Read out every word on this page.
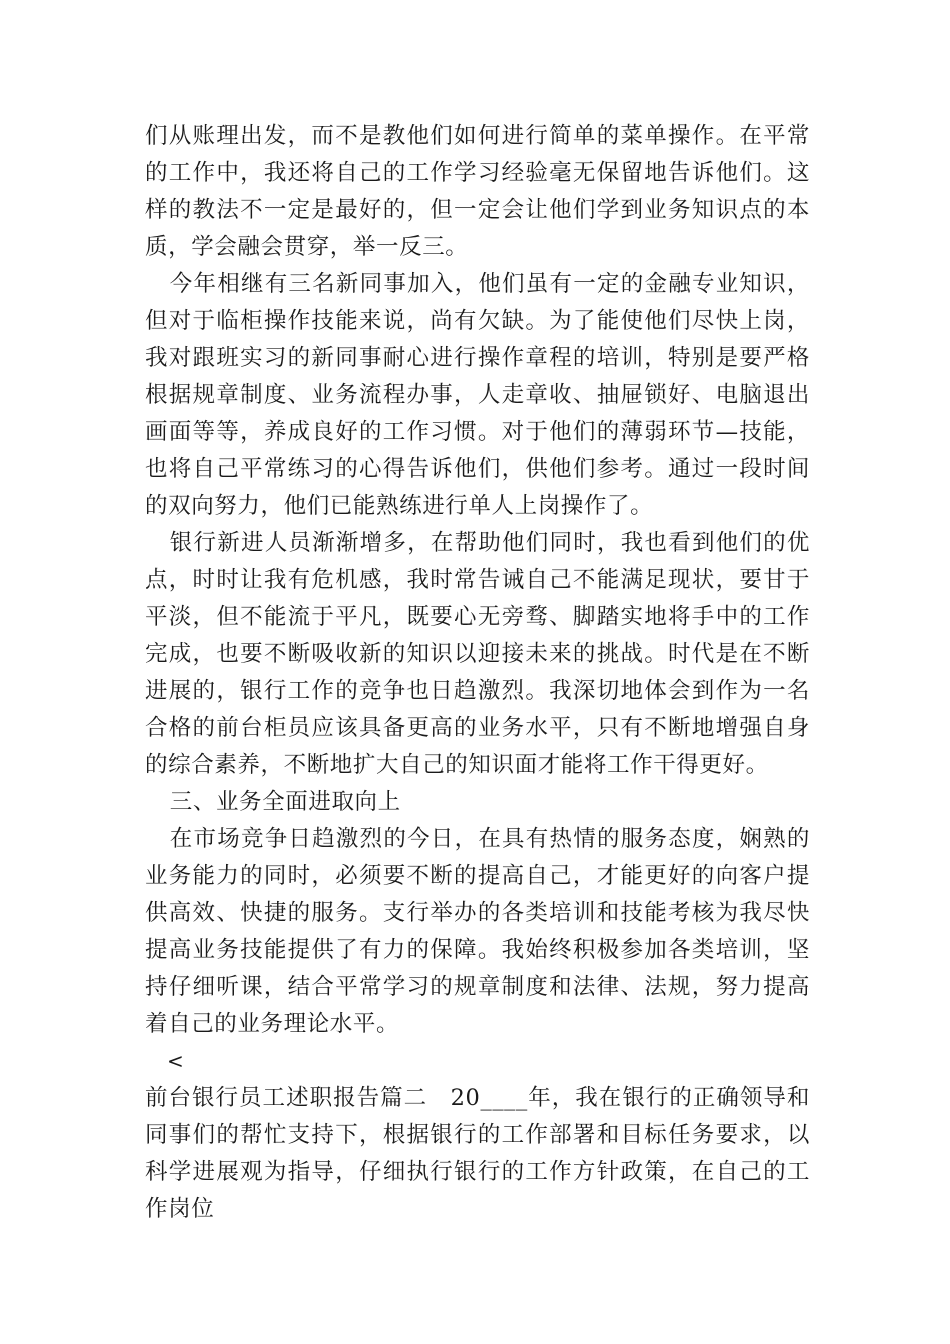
们从账理出发，而不是教他们如何进行简单的菜单操作。在平常的工作中，我还将自己的工作学习经验毫无保留地告诉他们。这样的教法不一定是最好的，但一定会让他们学到业务知识点的本质，学会融会贯穿，举一反三。

今年相继有三名新同事加入，他们虽有一定的金融专业知识，但对于临柜操作技能来说，尚有欠缺。为了能使他们尽快上岗，我对跟班实习的新同事耐心进行操作章程的培训，特别是要严格根据规章制度、业务流程办事，人走章收、抽屉锁好、电脑退出画面等等，养成良好的工作习惯。对于他们的薄弱环节—技能，也将自己平常练习的心得告诉他们，供他们参考。通过一段时间的双向努力，他们已能熟练进行单人上岗操作了。

银行新进人员渐渐增多，在帮助他们同时，我也看到他们的优点，时时让我有危机感，我时常告诫自己不能满足现状，要甘于平淡，但不能流于平凡，既要心无旁骛、脚踏实地将手中的工作完成，也要不断吸收新的知识以迎接未来的挑战。时代是在不断进展的，银行工作的竞争也日趋激烈。我深切地体会到作为一名合格的前台柜员应该具备更高的业务水平，只有不断地增强自身的综合素养，不断地扩大自己的知识面才能将工作干得更好。

三、业务全面进取向上

在市场竞争日趋激烈的今日，在具有热情的服务态度，娴熟的业务能力的同时，必须要不断的提高自己，才能更好的向客户提供高效、快捷的服务。支行举办的各类培训和技能考核为我尽快提高业务技能提供了有力的保障。我始终积极参加各类培训，坚持仔细听课，结合平常学习的规章制度和法律、法规，努力提高着自己的业务理论水平。

<

前台银行员工述职报告篇二　20____年，我在银行的正确领导和同事们的帮忙支持下，根据银行的工作部署和目标任务要求，以科学进展观为指导，仔细执行银行的工作方针政策，在自己的工作岗位
